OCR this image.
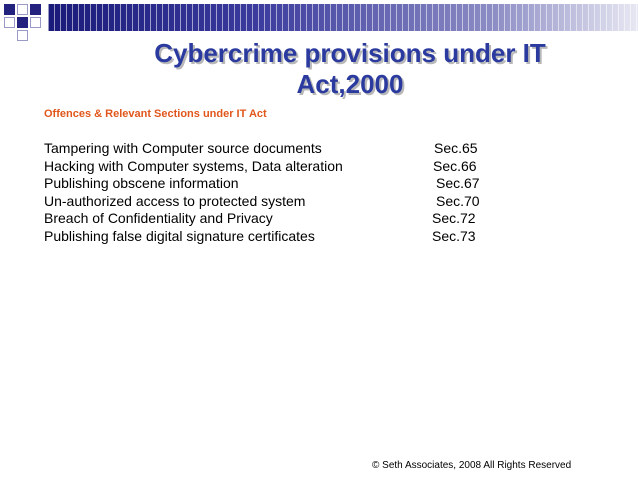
Cybercrime provisions under IT Act,2000
Offences & Relevant Sections under IT Act
Tampering with Computer source documents	Sec.65
Hacking with Computer systems, Data alteration	Sec.66
Publishing obscene information	Sec.67
Un-authorized access to protected system	Sec.70
Breach of Confidentiality and Privacy	Sec.72
Publishing false digital signature certificates	Sec.73
© Seth Associates, 2008 All Rights Reserved
